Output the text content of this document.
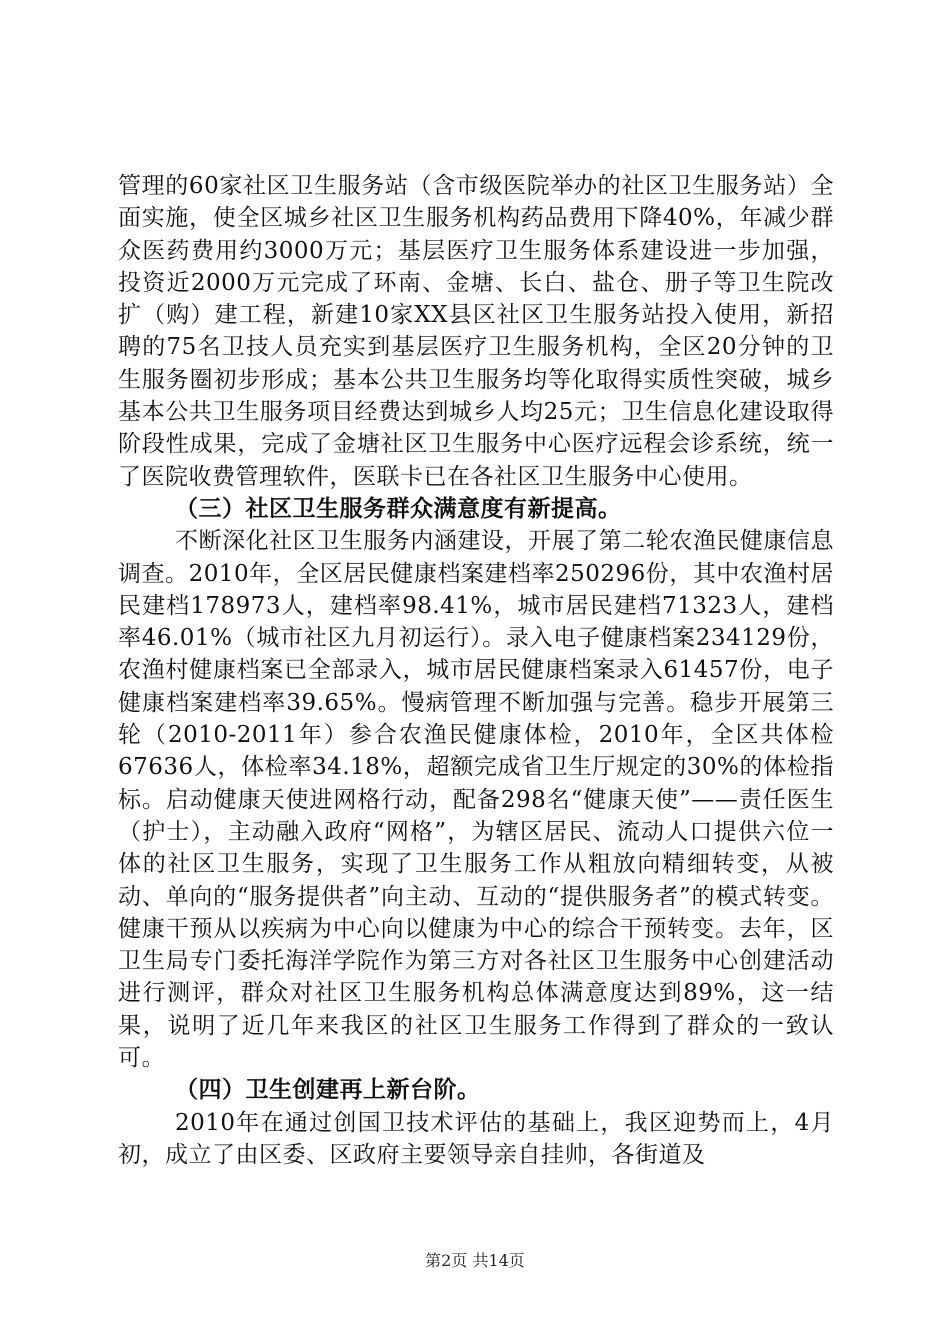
管理的60家社区卫生服务站（含市级医院举办的社区卫生服务站）全面实施，使全区城乡社区卫生服务机构药品费用下降40%，年减少群众医药费用约3000万元；基层医疗卫生服务体系建设进一步加强，投资近2000万元完成了环南、金塘、长白、盐仓、册子等卫生院改扩（购）建工程，新建10家XX县区社区卫生服务站投入使用，新招聘的75名卫技人员充实到基层医疗卫生服务机构，全区20分钟的卫生服务圈初步形成；基本公共卫生服务均等化取得实质性突破，城乡基本公共卫生服务项目经费达到城乡人均25元；卫生信息化建设取得阶段性成果，完成了金塘社区卫生服务中心医疗远程会诊系统，统一了医院收费管理软件，医联卡已在各社区卫生服务中心使用。

（三）社区卫生服务群众满意度有新提高。

不断深化社区卫生服务内涵建设，开展了第二轮农渔民健康信息调查。2010年，全区居民健康档案建档率250296份，其中农渔村居民建档178973人，建档率98.41%，城市居民建档71323人，建档率46.01%（城市社区九月初运行）。录入电子健康档案234129份，农渔村健康档案已全部录入，城市居民健康档案录入61457份，电子健康档案建档率39.65%。慢病管理不断加强与完善。稳步开展第三轮（2010-2011年）参合农渔民健康体检，2010年，全区共体检67636人，体检率34.18%，超额完成省卫生厅规定的30%的体检指标。启动健康天使进网格行动，配备298名“健康天使”——责任医生（护士），主动融入政府“网格”，为辖区居民、流动人口提供六位一体的社区卫生服务，实现了卫生服务工作从粗放向精细转变，从被动、单向的“服务提供者”向主动、互动的“提供服务者”的模式转变。健康干预从以疾病为中心向以健康为中心的综合干预转变。去年，区卫生局专门委托海洋学院作为第三方对各社区卫生服务中心创建活动进行测评，群众对社区卫生服务机构总体满意度达到89%，这一结果，说明了近几年来我区的社区卫生服务工作得到了群众的一致认可。

（四）卫生创建再上新台阶。

2010年在通过创国卫技术评估的基础上，我区迎势而上，4月初，成立了由区委、区政府主要领导亲自挂帅，各街道及

第2页 共14页
